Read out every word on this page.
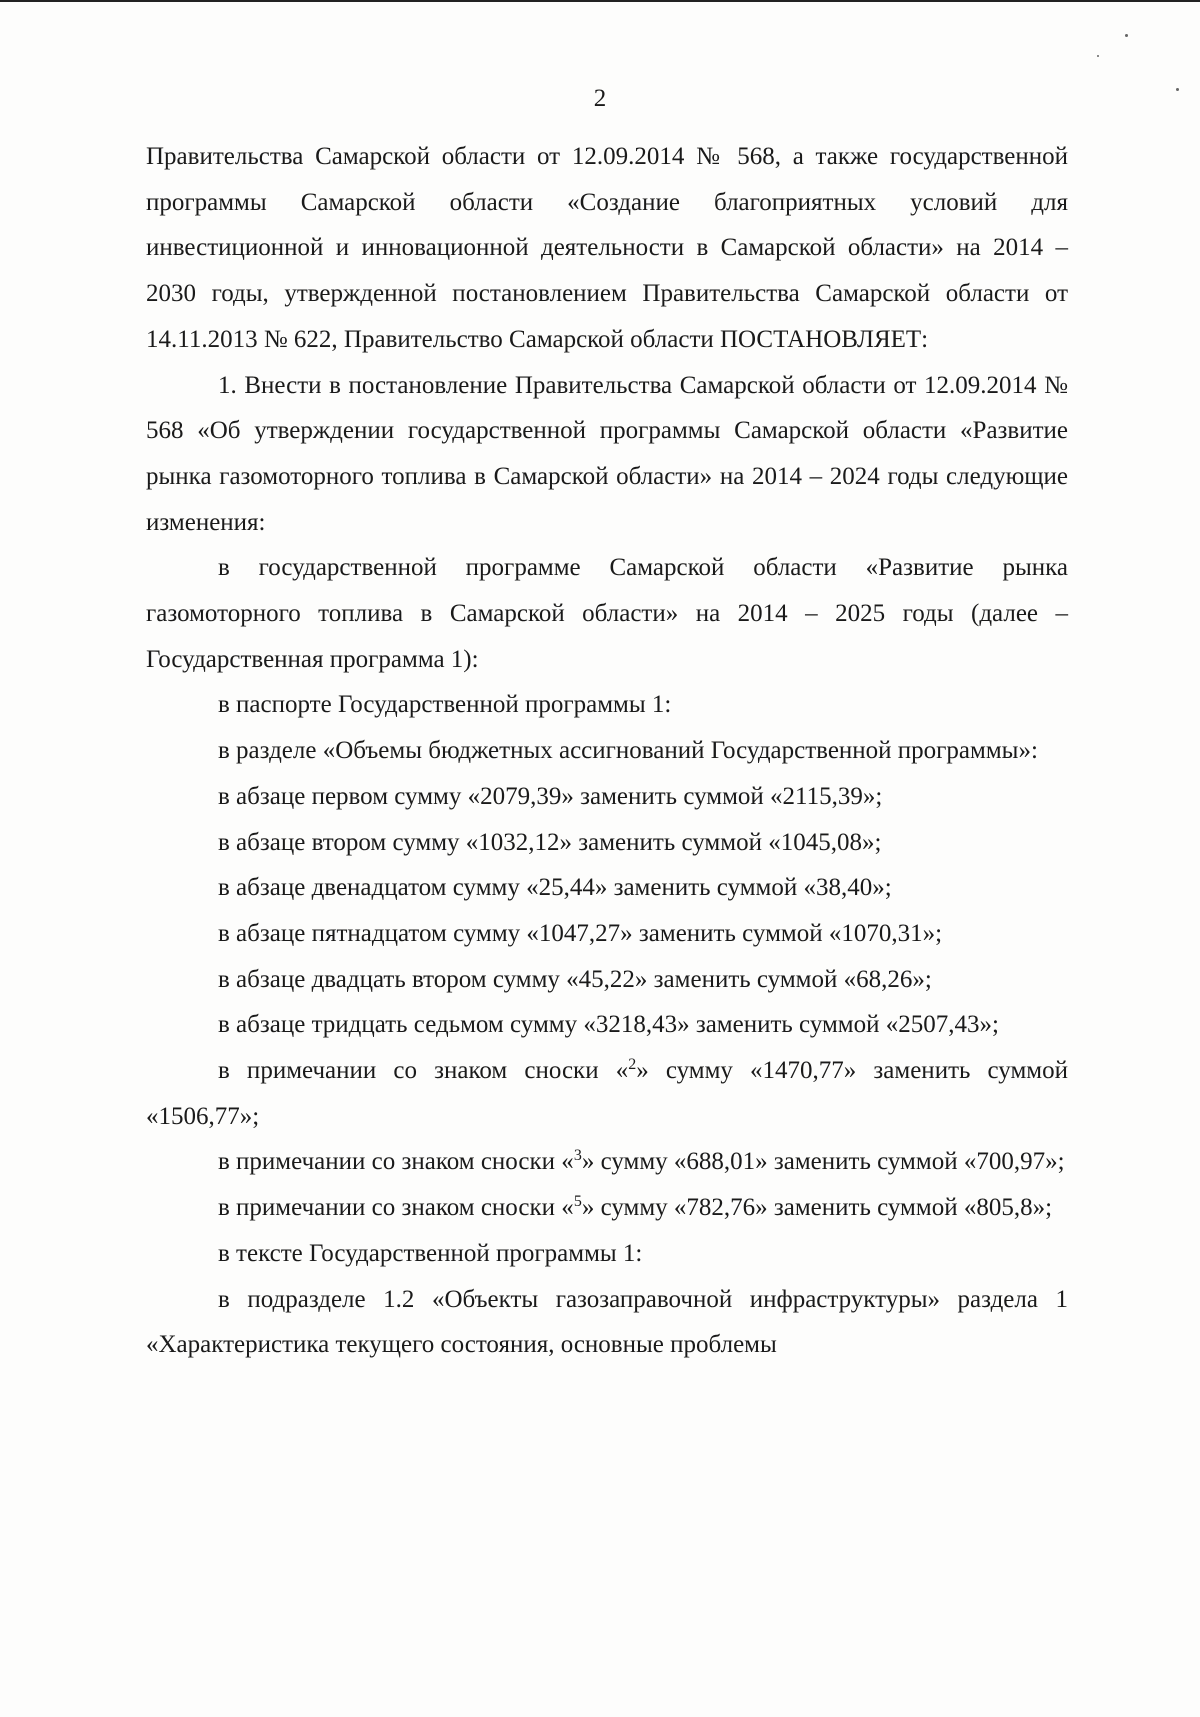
2

Правительства Самарской области от 12.09.2014 № 568, а также государственной программы Самарской области «Создание благоприятных условий для инвестиционной и инновационной деятельности в Самарской области» на 2014 – 2030 годы, утвержденной постановлением Правительства Самарской области от 14.11.2013 № 622, Правительство Самарской области ПОСТАНОВЛЯЕТ:

1. Внести в постановление Правительства Самарской области от 12.09.2014 № 568 «Об утверждении государственной программы Самарской области «Развитие рынка газомоторного топлива в Самарской области» на 2014 – 2024 годы следующие изменения:

в государственной программе Самарской области «Развитие рынка газомоторного топлива в Самарской области» на 2014 – 2025 годы (далее – Государственная программа 1):

в паспорте Государственной программы 1:

в разделе «Объемы бюджетных ассигнований Государственной программы»:

в абзаце первом сумму «2079,39» заменить суммой «2115,39»;

в абзаце втором сумму «1032,12» заменить суммой «1045,08»;

в абзаце двенадцатом сумму «25,44» заменить суммой «38,40»;

в абзаце пятнадцатом сумму «1047,27» заменить суммой «1070,31»;

в абзаце двадцать втором сумму «45,22» заменить суммой «68,26»;

в абзаце тридцать седьмом сумму «3218,43» заменить суммой «2507,43»;

в примечании со знаком сноски «$^2$» сумму «1470,77» заменить суммой «1506,77»;

в примечании со знаком сноски «$^3$» сумму «688,01» заменить суммой «700,97»;

в примечании со знаком сноски «$^5$» сумму «782,76» заменить суммой «805,8»;

в тексте Государственной программы 1:

в подразделе 1.2 «Объекты газозаправочной инфраструктуры» раздела 1 «Характеристика текущего состояния, основные проблемы
